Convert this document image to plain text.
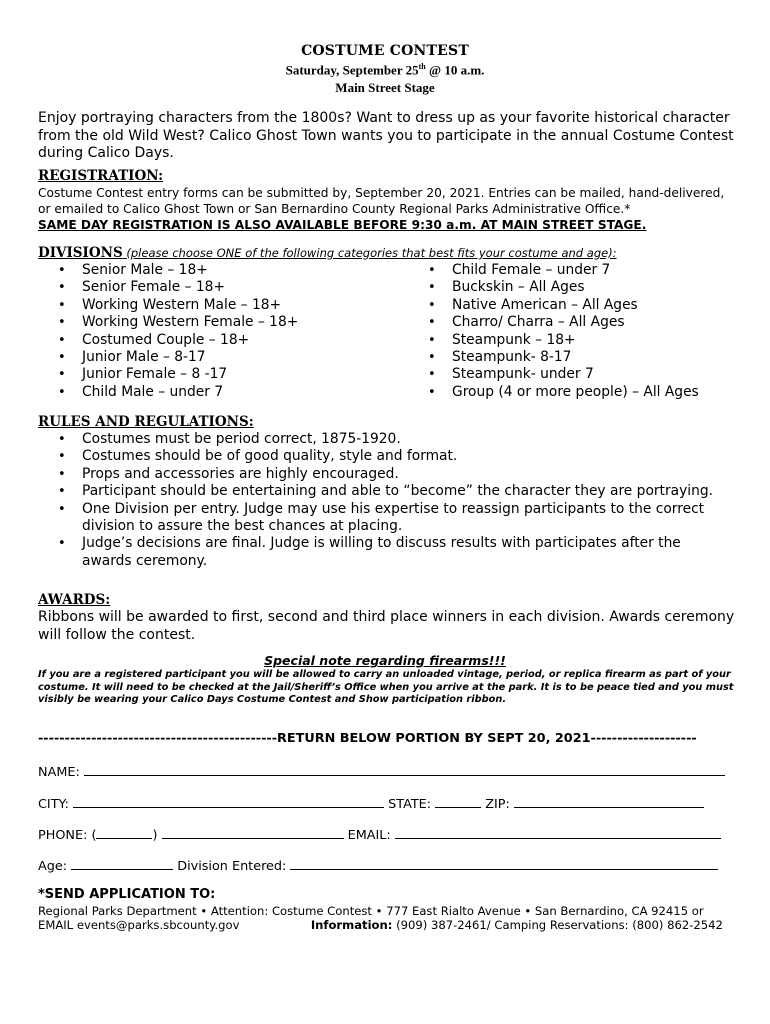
COSTUME CONTEST
Saturday, September 25th @ 10 a.m.
Main Street Stage
Enjoy portraying characters from the 1800s? Want to dress up as your favorite historical character from the old Wild West? Calico Ghost Town wants you to participate in the annual Costume Contest during Calico Days.
REGISTRATION:
Costume Contest entry forms can be submitted by, September 20, 2021. Entries can be mailed, hand-delivered, or emailed to Calico Ghost Town or San Bernardino County Regional Parks Administrative Office.*
SAME DAY REGISTRATION IS ALSO AVAILABLE BEFORE 9:30 a.m. AT MAIN STREET STAGE.
DIVISIONS (please choose ONE of the following categories that best fits your costume and age):
• Senior Male – 18+
• Senior Female – 18+
• Working Western Male – 18+
• Working Western Female – 18+
• Costumed Couple – 18+
• Junior Male – 8-17
• Junior Female – 8 -17
• Child Male – under 7
• Child Female – under 7
• Buckskin – All Ages
• Native American – All Ages
• Charro/ Charra – All Ages
• Steampunk – 18+
• Steampunk- 8-17
• Steampunk- under 7
• Group (4 or more people) – All Ages
RULES AND REGULATIONS:
• Costumes must be period correct, 1875-1920.
• Costumes should be of good quality, style and format.
• Props and accessories are highly encouraged.
• Participant should be entertaining and able to “become” the character they are portraying.
• One Division per entry. Judge may use his expertise to reassign participants to the correct division to assure the best chances at placing.
• Judge’s decisions are final. Judge is willing to discuss results with participates after the awards ceremony.
AWARDS:
Ribbons will be awarded to first, second and third place winners in each division. Awards ceremony will follow the contest.
Special note regarding firearms!!!
If you are a registered participant you will be allowed to carry an unloaded vintage, period, or replica firearm as part of your costume. It will need to be checked at the Jail/Sheriff’s Office when you arrive at the park. It is to be peace tied and you must visibly be wearing your Calico Days Costume Contest and Show participation ribbon.
---------------------------------------------RETURN BELOW PORTION BY SEPT 20, 2021--------------------
NAME:
CITY:	STATE:	ZIP:
PHONE: (	)	EMAIL:
Age:	Division Entered:
*SEND APPLICATION TO:
Regional Parks Department • Attention: Costume Contest • 777 East Rialto Avenue • San Bernardino, CA 92415 or
EMAIL events@parks.sbcounty.gov	Information: (909) 387-2461/ Camping Reservations: (800) 862-2542
